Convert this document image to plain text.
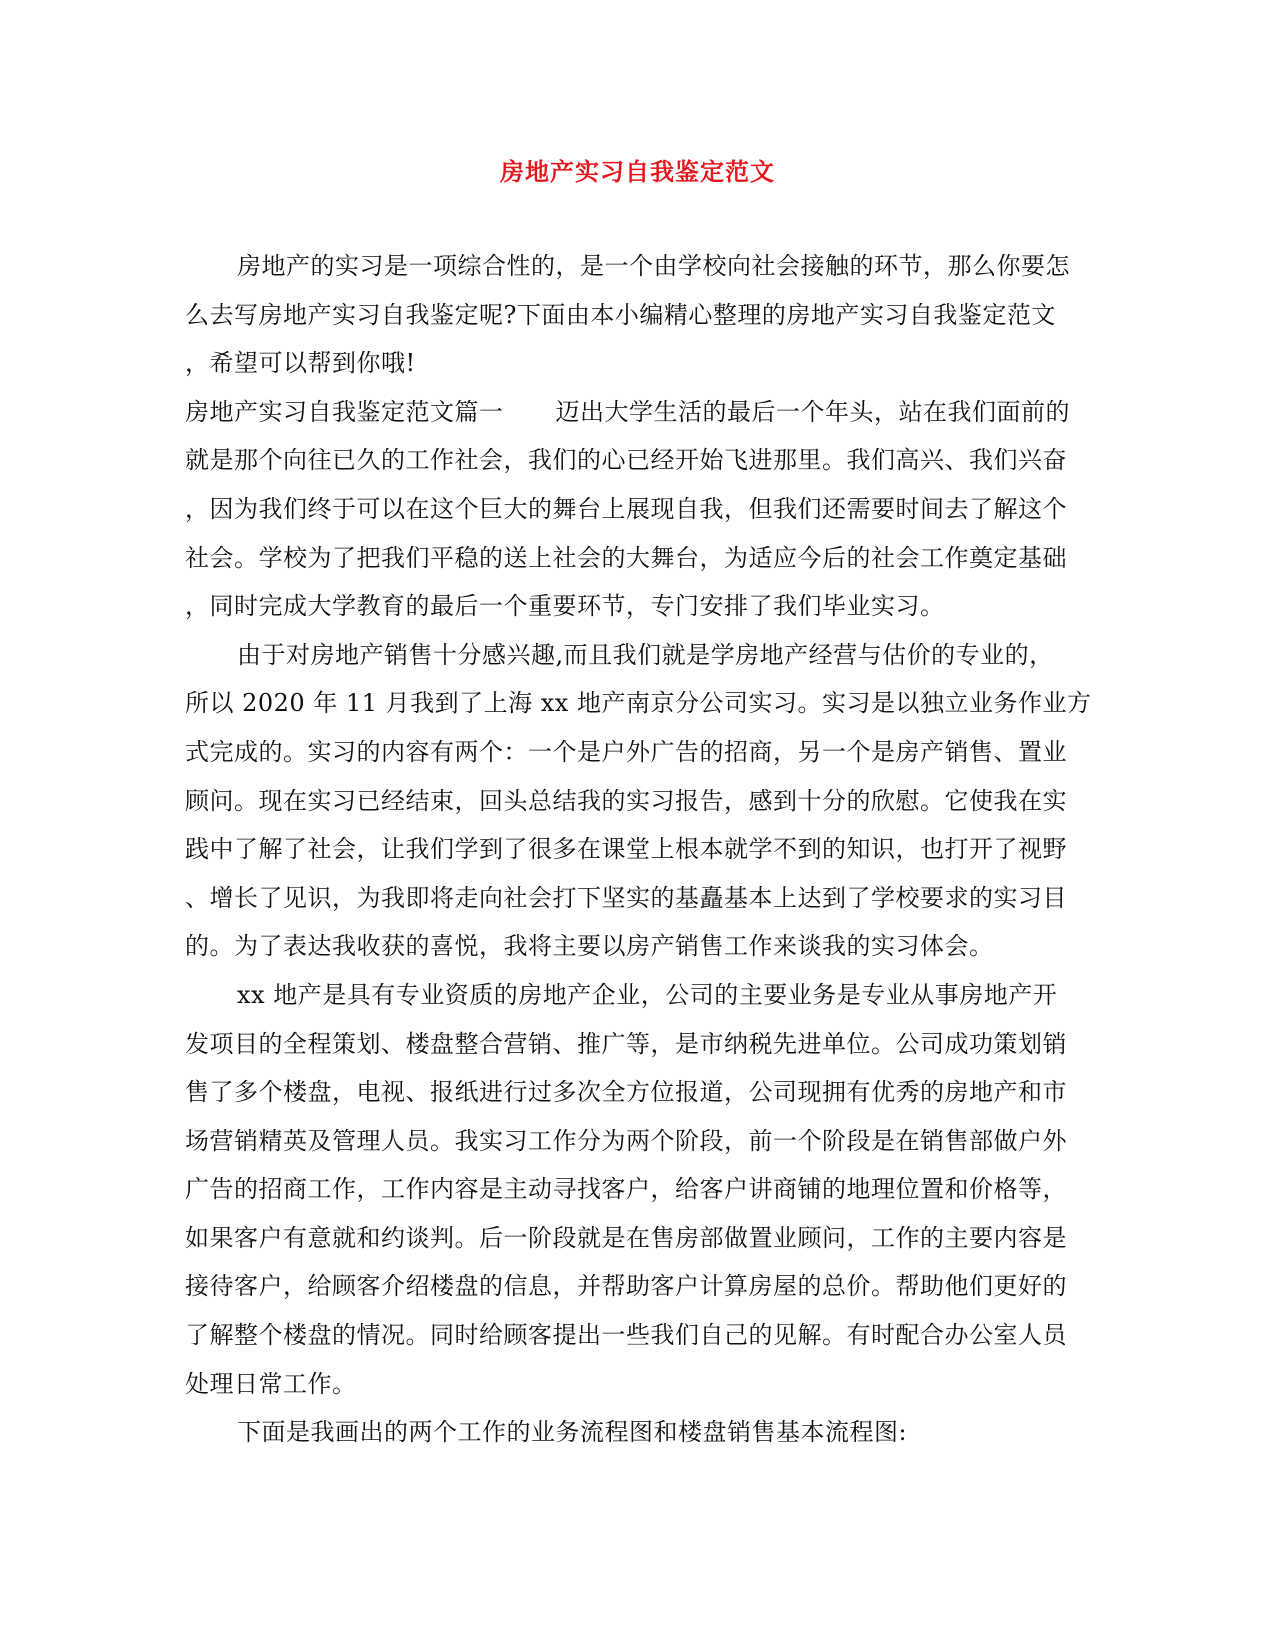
房地产实习自我鉴定范文
房地产的实习是一项综合性的，是一个由学校向社会接触的环节，那么你要怎
么去写房地产实习自我鉴定呢?下面由本小编精心整理的房地产实习自我鉴定范文
，希望可以帮到你哦!
房地产实习自我鉴定范文篇一 迈出大学生活的最后一个年头，站在我们面前的
就是那个向往已久的工作社会，我们的心已经开始飞进那里。我们高兴、我们兴奋
，因为我们终于可以在这个巨大的舞台上展现自我，但我们还需要时间去了解这个
社会。学校为了把我们平稳的送上社会的大舞台，为适应今后的社会工作奠定基础
，同时完成大学教育的最后一个重要环节，专门安排了我们毕业实习。
由于对房地产销售十分感兴趣,而且我们就是学房地产经营与估价的专业的，
所以 2020 年 11 月我到了上海 xx 地产南京分公司实习。实习是以独立业务作业方
式完成的。实习的内容有两个：一个是户外广告的招商，另一个是房产销售、置业
顾问。现在实习已经结束，回头总结我的实习报告，感到十分的欣慰。它使我在实
践中了解了社会，让我们学到了很多在课堂上根本就学不到的知识，也打开了视野
、增长了见识，为我即将走向社会打下坚实的基矗基本上达到了学校要求的实习目
的。为了表达我收获的喜悦，我将主要以房产销售工作来谈我的实习体会。
xx 地产是具有专业资质的房地产企业，公司的主要业务是专业从事房地产开
发项目的全程策划、楼盘整合营销、推广等，是市纳税先进单位。公司成功策划销
售了多个楼盘，电视、报纸进行过多次全方位报道，公司现拥有优秀的房地产和市
场营销精英及管理人员。我实习工作分为两个阶段，前一个阶段是在销售部做户外
广告的招商工作，工作内容是主动寻找客户，给客户讲商铺的地理位置和价格等，
如果客户有意就和约谈判。后一阶段就是在售房部做置业顾问，工作的主要内容是
接待客户，给顾客介绍楼盘的信息，并帮助客户计算房屋的总价。帮助他们更好的
了解整个楼盘的情况。同时给顾客提出一些我们自己的见解。有时配合办公室人员
处理日常工作。
下面是我画出的两个工作的业务流程图和楼盘销售基本流程图:
